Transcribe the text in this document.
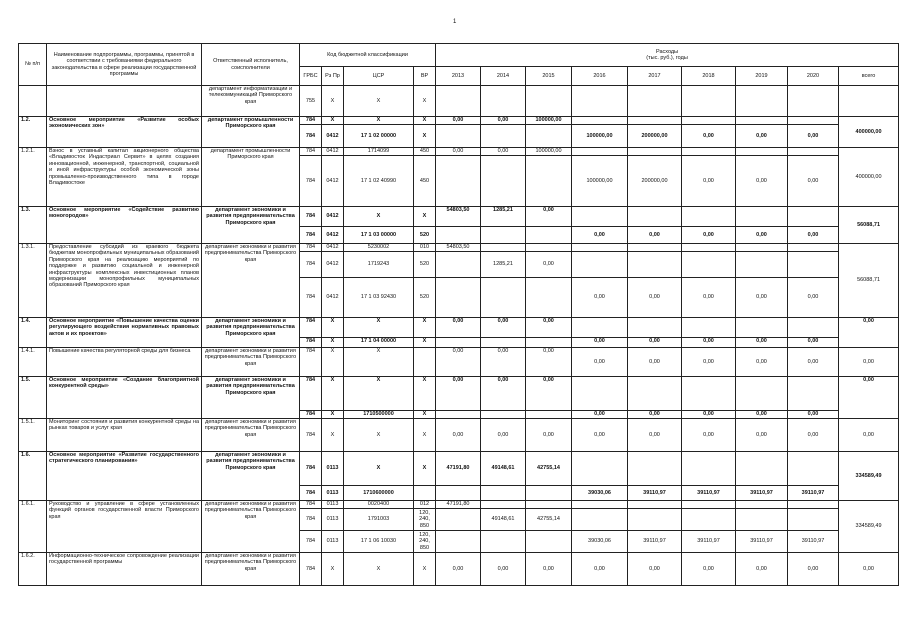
1
№ п/п	Наименование подпрограммы, программы, принятой в соответствии с требованиями федерального законодательства в сфере реализации государственной программы	Ответственный исполнитель, соисполнители	Код бюджетной классификации				Расходы
(тыс. руб.), годы								
			ГРБС	Рз Пр	ЦСР	ВР	2013	2014	2015	2016	2017	2018	2019	2020	всего
		департамент информатизации и телекоммуникаций Приморского края	755	X	X	X									
1.2.	Основное мероприятие «Развитие особых экономических зон»	департамент промышленности Приморского края	784	X	X	X	0,00	0,00	100000,00						400000,00
			784	0412	17 1 02 00000	X				100000,00	200000,00	0,00	0,00	0,00	
1.2.1.	Взнос в уставный капитал акционерного общества «Владивосток Индастриал Сервит» в целях создания инновационной, инженерной, транспортной, социальной и иной инфраструктуры особой экономической зоны промышленно-производственного типа в городе Владивостоке	департамент промышленности Приморского края	784	0412	1714099	450	0,00	0,00	100000,00						400000,00
			784	0412	17 1 02 40990	450				100000,00	200000,00	0,00	0,00	0,00	
1.3.	Основное мероприятие «Содействие развитию моногородов»	департамент экономики и развития предпринимательства Приморского края	784	0412	X	X	54803,50	1285,21	0,00						56088,71
			784	0412	17 1 03 00000	520				0,00	0,00	0,00	0,00	0,00	
1.3.1.	Предоставление субсидий из краевого бюджета бюджетам монопрофильных муниципальных образований Приморского края на реализацию мероприятий по поддержке и развитию социальной и инженерной инфраструктуры комплексных инвестиционных планов модернизации монопрофильных муниципальных образований Приморского края	департамент экономики и развития предпринимательства Приморского края	784	0412	5230002	010	54803,50								56088,71
			784	0412	1719243	520		1285,21	0,00						
			784	0412	17 1 03 92430	520				0,00	0,00	0,00	0,00	0,00	
1.4.	Основное мероприятие «Повышение качества оценки регулирующего воздействия нормативных правовых актов и их проектов»	департамент экономики и развития предпринимательства Приморского края	784	X	X	X	0,00	0,00	0,00						0,00
			784	X	17 1 04 00000	X				0,00	0,00	0,00	0,00	0,00	
1.4.1.	Повышение качества регуляторной среды для бизнеса	департамент экономики и развития предпринимательства Приморского края	784	X	X		0,00	0,00	0,00	0,00	0,00	0,00	0,00	0,00	0,00
1.5.	Основное мероприятие «Создание благоприятной конкурентной среды»	департамент экономики и развития предпринимательства Приморского края	784	X	X	X	0,00	0,00	0,00						0,00
			784	X	1710500000	X				0,00	0,00	0,00	0,00	0,00	
1.5.1.	Мониторинг состояния и развития конкурентной среды на рынках товаров и услуг края	департамент экономики и развития предпринимательства Приморского края	784	X	X	X	0,00	0,00	0,00	0,00	0,00	0,00	0,00	0,00	0,00
1.6.	Основное мероприятие «Развитие государственного стратегического планирования»	департамент экономики и развития предпринимательства Приморского края	784	0113	X	X	47191,80	49148,61	42755,14						334589,49
			784	0113	1710600000					39030,06	39110,97	39110,97	39110,97	39110,97	
1.6.1.	Руководство и управление в сфере установленных функций органов государственной власти Приморского края	департамент экономики и развития предпринимательства Приморского края	784	0113	0020400	012	47191,80								334589,49
			784	0113	1791003	120, 240, 850		49148,61	42755,14						
			784	0113	17 1 06 10030	120, 240, 850				39030,06	39110,97	39110,97	39110,97	39110,97	
1.6.2.	Информационно-техническое сопровождение реализации государственной программы	департамент экономики и развития предпринимательства Приморского края	784	X	X	X	0,00	0,00	0,00	0,00	0,00	0,00	0,00	0,00	0,00
